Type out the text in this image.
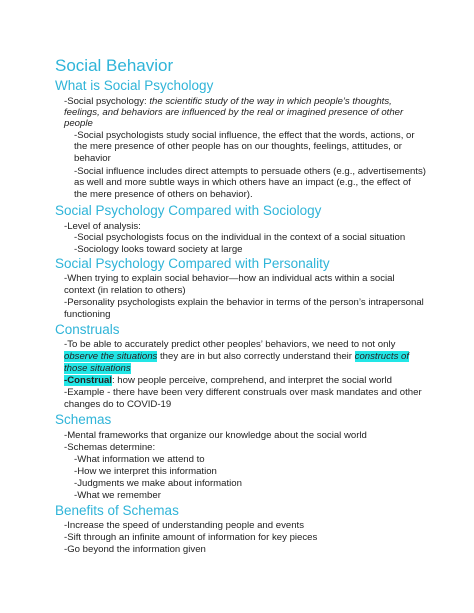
Social Behavior
What is Social Psychology
-Social psychology: the scientific study of the way in which people’s thoughts,
feelings, and behaviors are influenced by the real or imagined presence of other
people
-Social psychologists study social influence, the effect that the words, actions, or
the mere presence of other people has on our thoughts, feelings, attitudes, or
behavior
-Social influence includes direct attempts to persuade others (e.g., advertisements)
as well and more subtle ways in which others have an impact (e.g., the effect of
the mere presence of others on behavior).
Social Psychology Compared with Sociology
-Level of analysis:
-Social psychologists focus on the individual in the context of a social situation
-Sociology looks toward society at large
Social Psychology Compared with Personality
-When trying to explain social behavior—how an individual acts within a social
context (in relation to others)
-Personality psychologists explain the behavior in terms of the person’s intrapersonal
functioning
Construals
-To be able to accurately predict other peoples’ behaviors, we need to not only
observe the situations they are in but also correctly understand their constructs of
those situations
-Construal: how people perceive, comprehend, and interpret the social world
-Example - there have been very different construals over mask mandates and other
changes do to COVID-19
Schemas
-Mental frameworks that organize our knowledge about the social world
-Schemas determine:
-What information we attend to
-How we interpret this information
-Judgments we make about information
-What we remember
Benefits of Schemas
-Increase the speed of understanding people and events
-Sift through an infinite amount of information for key pieces
-Go beyond the information given
